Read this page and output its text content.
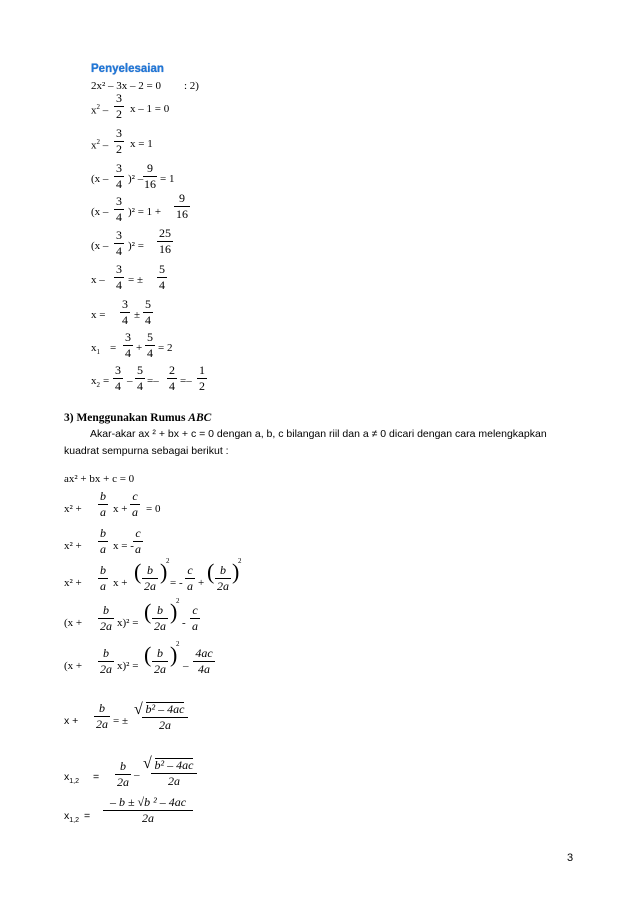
Penyelesaian
2x² – 3x – 2 = 0 : 2)
$x^2$ –
3
2 x – 1 = 0
$x^2$ –
3
2 x = 1
(x –
3
4 )² –
9
16 = 1
(x –
3
4 )² = 1 +
9
16
(x –
3
4 )² =
25
16
x –
3
4 = ±
5
4
x =
3
4 ±
5
4
$x_1$ =
3
4 +
5
4 = 2
$x_2$ =
3
4 –
5
4 =–
2
4 =–
1
2
3) Menggunakan Rumus ABC
Akar-akar ax ² + bx + c = 0 dengan a, b, c bilangan riil dan a ≠ 0 dicari dengan cara melengkapkan
kuadrat sempurna sebagai berikut :
ax² + bx + c = 0
x² +
b
a x +
c
a = 0
x² +
b
a x = -
c
a
x² +
b
a x + ( b
2a
)
2
= -
c
a + ( b
2a
)
2
(x +
b
2a x)² = ( b
2a
)
2
-
c
a
(x +
b
2a x)² = ( b
2a
)
2
–
4ac
4a
x +
b
2a = ±
√ b² – 4ac
2a
$x_{1,2}$ =
b
2a –
√ b² – 4ac
2a
$x_{1,2}$ =
– b ± √b ² – 4ac
2a
3
